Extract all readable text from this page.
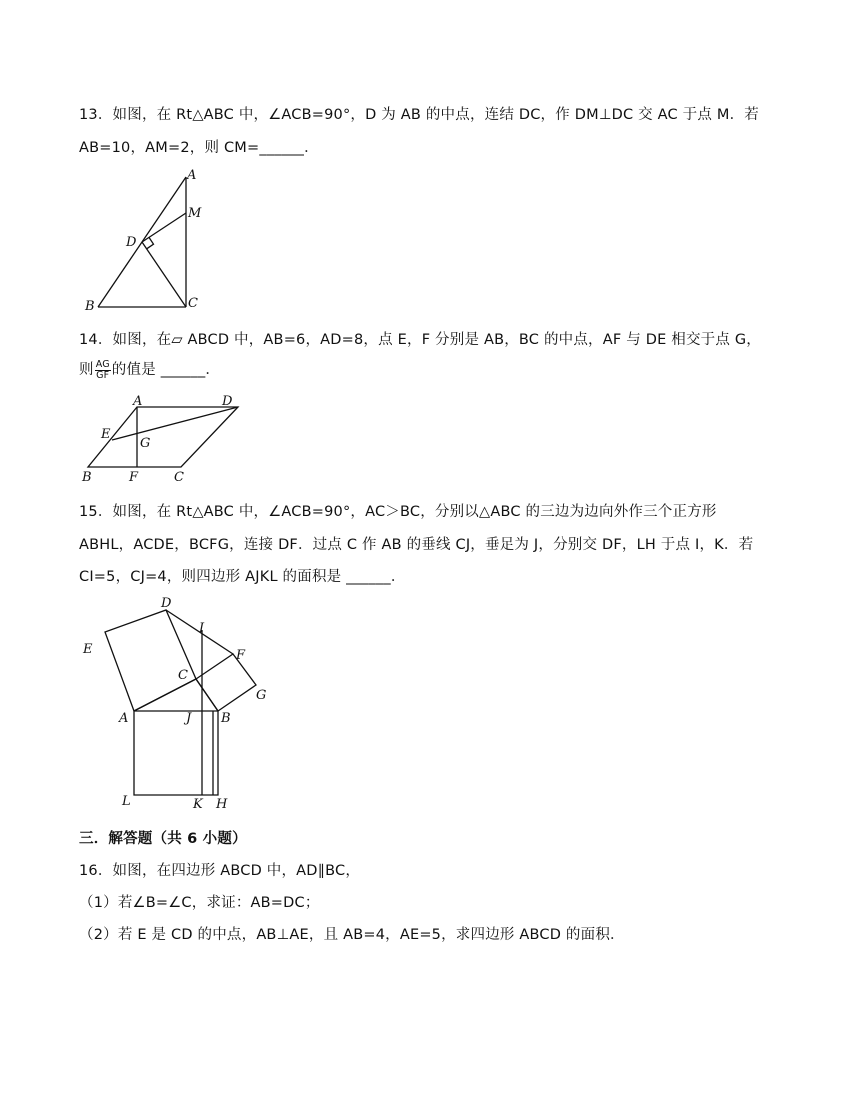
13．如图，在 Rt△ABC 中，∠ACB=90°，D 为 AB 的中点，连结 DC，作 DM⊥DC 交 AC 于点 M．若
AB=10，AM=2，则 CM=______．
A
M
D
B	C
14．如图，在▱ ABCD 中，AB=6，AD=8，点 E，F 分别是 AB，BC 的中点，AF 与 DE 相交于点 G，
则 $\frac{AG}{GF}$ 的值是 ______．
A	D
E
G
B	F	C
15．如图，在 Rt△ABC 中，∠ACB=90°，AC＞BC，分别以△ABC 的三边为边向外作三个正方形
ABHL，ACDE，BCFG，连接 DF．过点 C 作 AB 的垂线 CJ，垂足为 J，分别交 DF，LH 于点 I，K．若
CI=5，CJ=4，则四边形 AJKL 的面积是 ______．
D
I
E	F
C
G
A	J B
L	K H
三．解答题（共 6 小题）
16．如图，在四边形 ABCD 中，AD∥BC，
（1）若∠B=∠C，求证：AB=DC；
（2）若 E 是 CD 的中点，AB⊥AE，且 AB=4，AE=5，求四边形 ABCD 的面积．
